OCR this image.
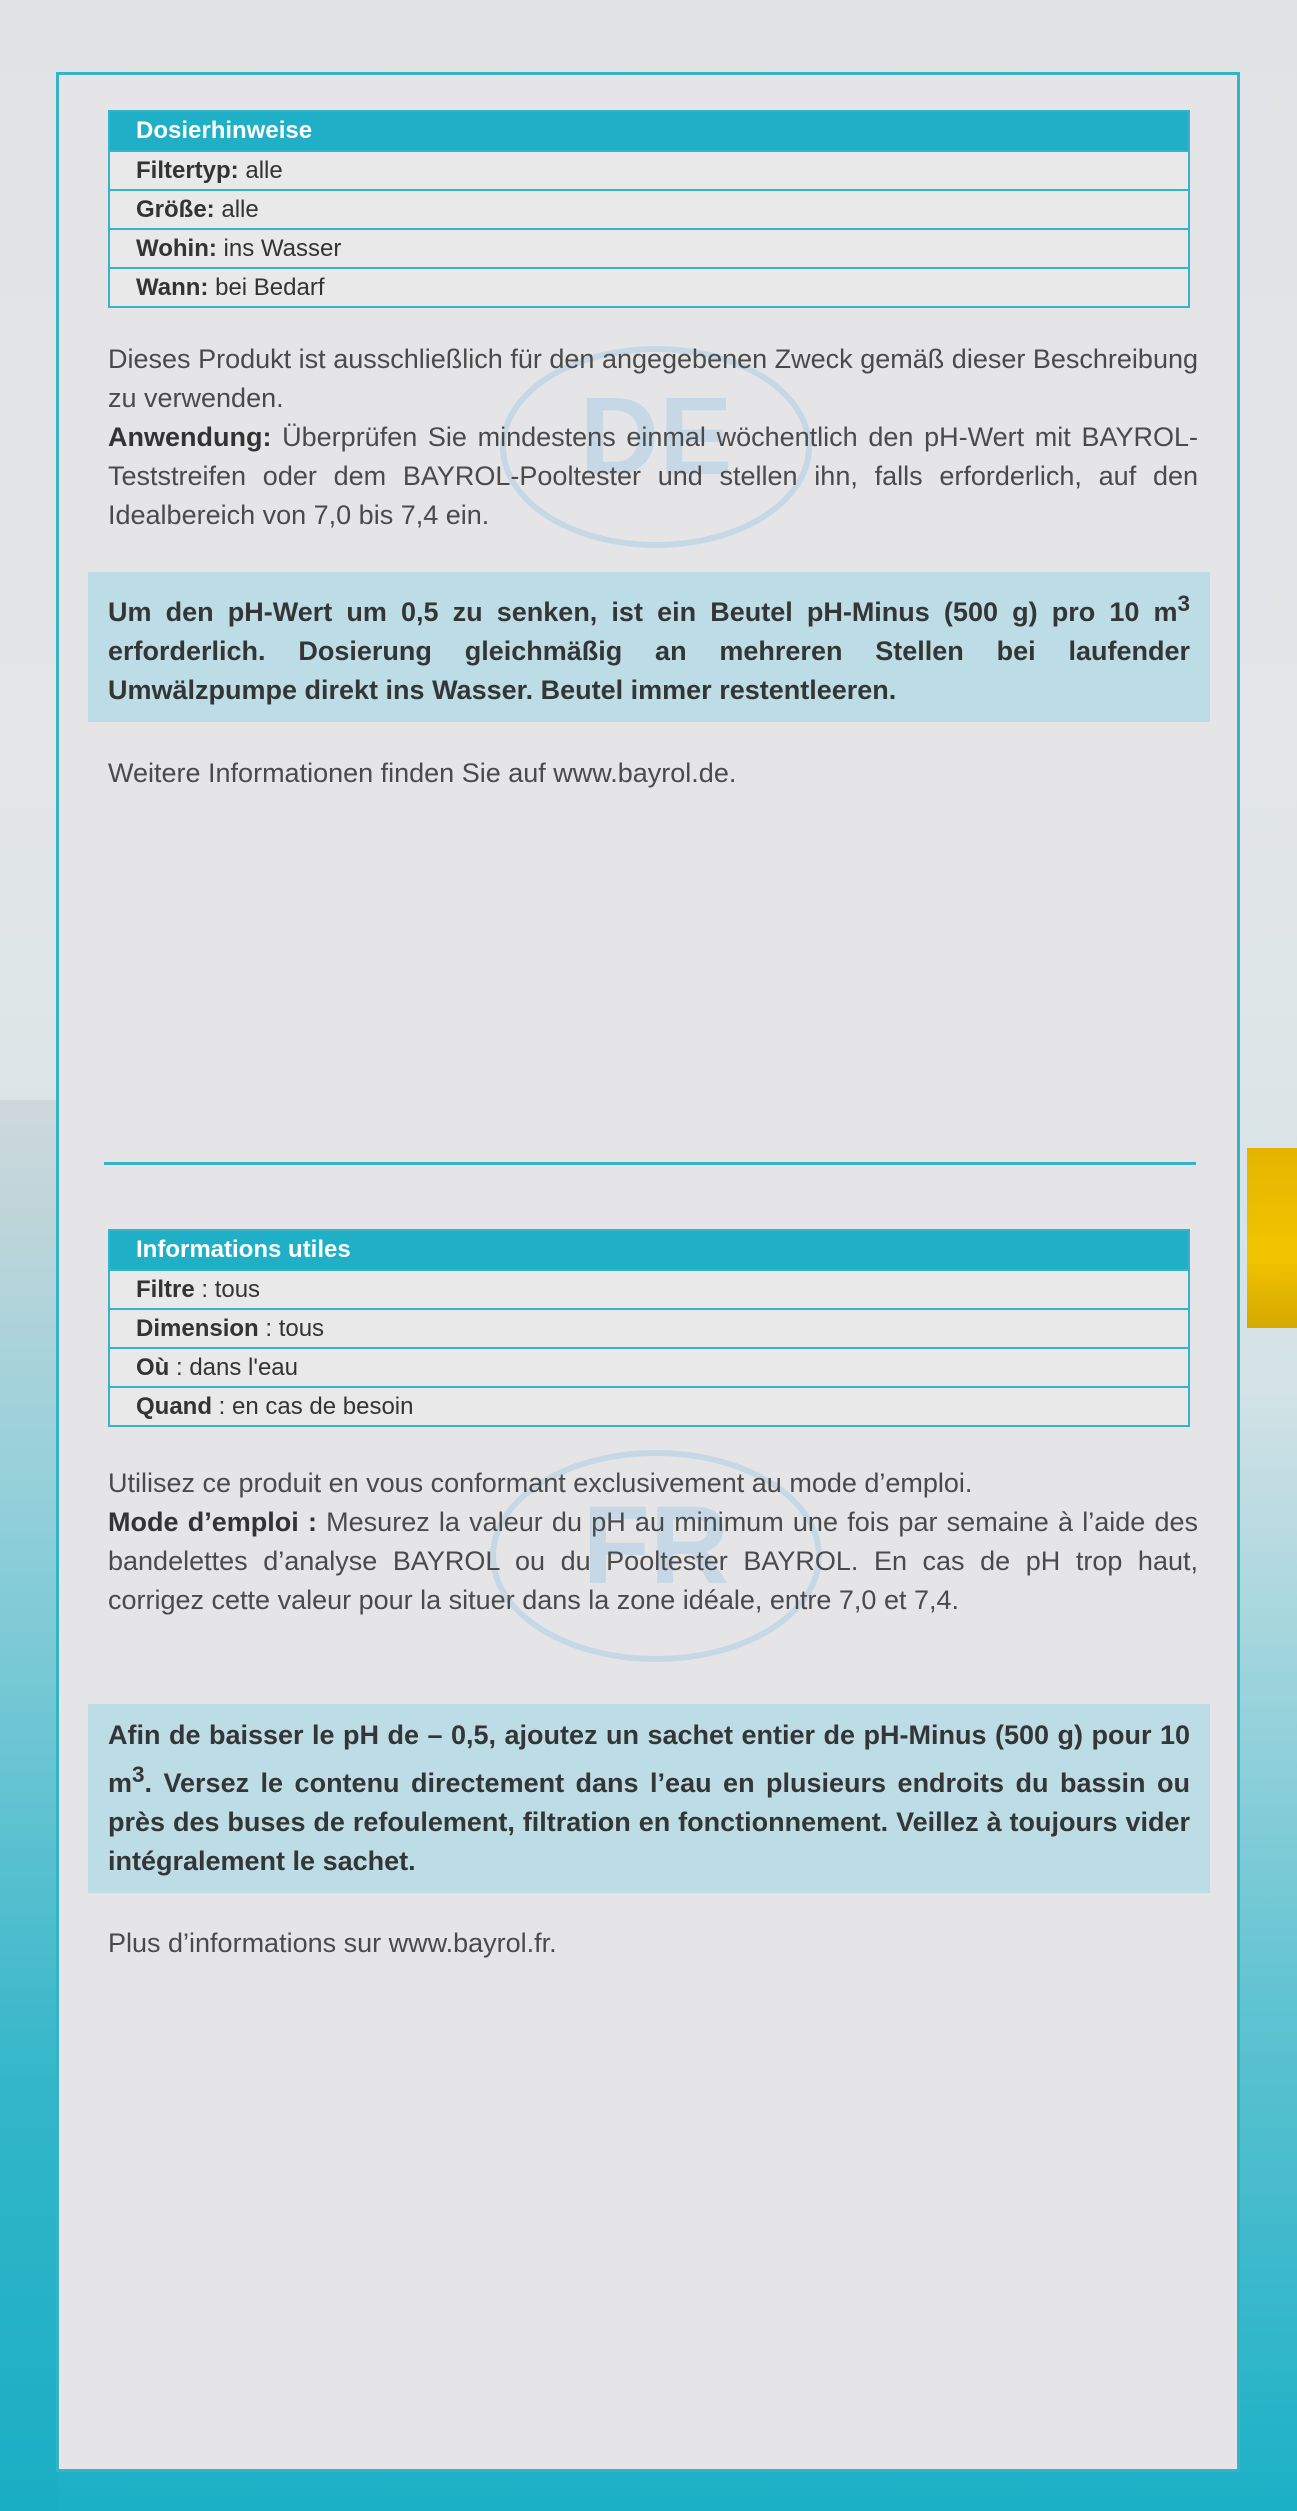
DE
Dosierhinweise
Filtertyp: alle
Größe: alle
Wohin: ins Wasser
Wann: bei Bedarf

Dieses Produkt ist ausschließlich für den angegebenen Zweck gemäß dieser Beschreibung zu verwenden.
Anwendung: Überprüfen Sie mindestens einmal wöchentlich den pH-Wert mit BAYROL-Teststreifen oder dem BAYROL-Pooltester und stellen ihn, falls erforderlich, auf den Idealbereich von 7,0 bis 7,4 ein.

Um den pH-Wert um 0,5 zu senken, ist ein Beutel pH-Minus (500 g) pro 10 $m^3$ erforderlich. Dosierung gleichmäßig an mehreren Stellen bei laufender Umwälzpumpe direkt ins Wasser. Beutel immer restentleeren.

Weitere Informationen finden Sie auf www.bayrol.de.

FR
Informations utiles
Filtre : tous
Dimension : tous
Où : dans l'eau
Quand : en cas de besoin

Utilisez ce produit en vous conformant exclusivement au mode d’emploi.
Mode d’emploi : Mesurez la valeur du pH au minimum une fois par semaine à l’aide des bandelettes d’analyse BAYROL ou du Pooltester BAYROL. En cas de pH trop haut, corrigez cette valeur pour la situer dans la zone idéale, entre 7,0 et 7,4.

Afin de baisser le pH de – 0,5, ajoutez un sachet entier de pH-Minus (500 g) pour 10 $m^3$. Versez le contenu directement dans l’eau en plusieurs endroits du bassin ou près des buses de refoulement, filtration en fonctionnement. Veillez à toujours vider intégralement le sachet.

Plus d’informations sur www.bayrol.fr.
